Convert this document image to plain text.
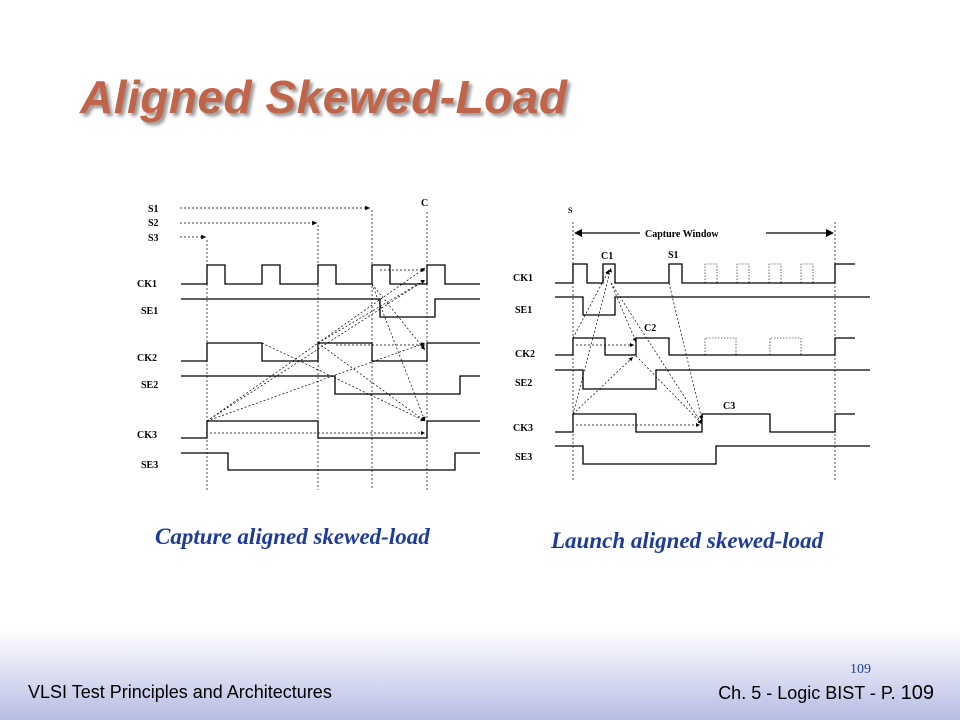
Aligned Skewed-Load
S1
S2
S3
C
CK1
SE1
CK2
SE2
CK3
SE3
S
C1	S1
C2
C3
CK1
SE1
CK2
SE2
CK3
SE3
Capture Window
Capture aligned skewed-load	Launch aligned skewed-load
109
VLSI Test Principles and Architectures	Ch. 5 - Logic BIST - P. 109
